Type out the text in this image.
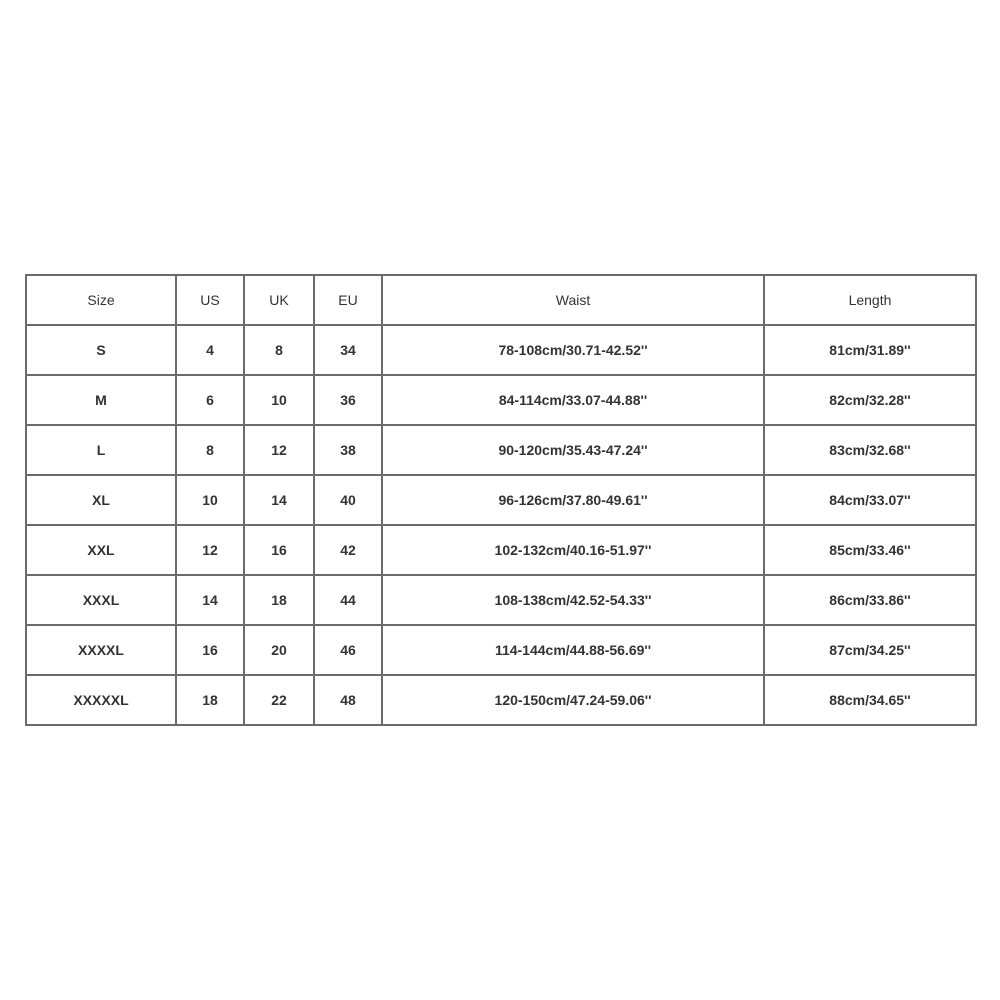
Size	US	UK	EU	Waist	Length
S	4	8	34	78-108cm/30.71-42.52''	81cm/31.89''
M	6	10	36	84-114cm/33.07-44.88''	82cm/32.28''
L	8	12	38	90-120cm/35.43-47.24''	83cm/32.68''
XL	10	14	40	96-126cm/37.80-49.61''	84cm/33.07''
XXL	12	16	42	102-132cm/40.16-51.97''	85cm/33.46''
XXXL	14	18	44	108-138cm/42.52-54.33''	86cm/33.86''
XXXXL	16	20	46	114-144cm/44.88-56.69''	87cm/34.25''
XXXXXL	18	22	48	120-150cm/47.24-59.06''	88cm/34.65''
